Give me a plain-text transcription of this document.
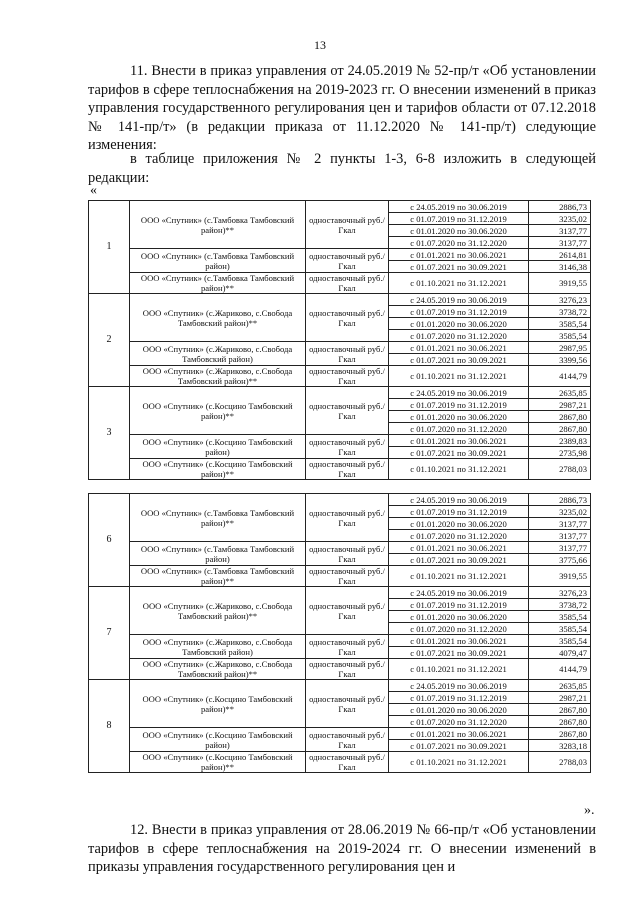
13
11. Внести в приказ управления от 24.05.2019 № 52-пр/т «Об установлении тарифов в сфере теплоснабжения на 2019-2023 гг. О внесении изменений в приказ управления государственного регулирования цен и тарифов области от 07.12.2018 № 141-пр/т» (в редакции приказа от 11.12.2020 № 141-пр/т) следующие изменения:
в таблице приложения № 2 пункты 1-3, 6-8 изложить в следующей редакции:
«
1	ООО «Спутник» (с.Тамбовка Тамбовский район)**	одноставочный руб./Гкал	с 24.05.2019 по 30.06.2019	2886,73
			с 01.07.2019 по 31.12.2019	3235,02
			с 01.01.2020 по 30.06.2020	3137,77
			с 01.07.2020 по 31.12.2020	3137,77
	ООО «Спутник» (с.Тамбовка Тамбовский район)	одноставочный руб./Гкал	с 01.01.2021 по 30.06.2021	2614,81
			с 01.07.2021 по 30.09.2021	3146,38
	ООО «Спутник» (с.Тамбовка Тамбовский район)**	одноставочный руб./Гкал	с 01.10.2021 по 31.12.2021	3919,55
2	ООО «Спутник» (с.Жариково, с.Свобода Тамбовский район)**	одноставочный руб./Гкал	с 24.05.2019 по 30.06.2019	3276,23
			с 01.07.2019 по 31.12.2019	3738,72
			с 01.01.2020 по 30.06.2020	3585,54
			с 01.07.2020 по 31.12.2020	3585,54
	ООО «Спутник» (с.Жариково, с.Свобода Тамбовский район)	одноставочный руб./Гкал	с 01.01.2021 по 30.06.2021	2987,95
			с 01.07.2021 по 30.09.2021	3399,56
	ООО «Спутник» (с.Жариково, с.Свобода Тамбовский район)**	одноставочный руб./Гкал	с 01.10.2021 по 31.12.2021	4144,79
3	ООО «Спутник» (с.Косцино Тамбовский район)**	одноставочный руб./Гкал	с 24.05.2019 по 30.06.2019	2635,85
			с 01.07.2019 по 31.12.2019	2987,21
			с 01.01.2020 по 30.06.2020	2867,80
			с 01.07.2020 по 31.12.2020	2867,80
	ООО «Спутник» (с.Косцино Тамбовский район)	одноставочный руб./Гкал	с 01.01.2021 по 30.06.2021	2389,83
			с 01.07.2021 по 30.09.2021	2735,98
	ООО «Спутник» (с.Косцино Тамбовский район)**	одноставочный руб./Гкал	с 01.10.2021 по 31.12.2021	2788,03
6	ООО «Спутник» (с.Тамбовка Тамбовский район)**	одноставочный руб./Гкал	с 24.05.2019 по 30.06.2019	2886,73
			с 01.07.2019 по 31.12.2019	3235,02
			с 01.01.2020 по 30.06.2020	3137,77
			с 01.07.2020 по 31.12.2020	3137,77
	ООО «Спутник» (с.Тамбовка Тамбовский район)	одноставочный руб./Гкал	с 01.01.2021 по 30.06.2021	3137,77
			с 01.07.2021 по 30.09.2021	3775,66
	ООО «Спутник» (с.Тамбовка Тамбовский район)**	одноставочный руб./Гкал	с 01.10.2021 по 31.12.2021	3919,55
7	ООО «Спутник» (с.Жариково, с.Свобода Тамбовский район)**	одноставочный руб./Гкал	с 24.05.2019 по 30.06.2019	3276,23
			с 01.07.2019 по 31.12.2019	3738,72
			с 01.01.2020 по 30.06.2020	3585,54
			с 01.07.2020 по 31.12.2020	3585,54
	ООО «Спутник» (с.Жариково, с.Свобода Тамбовский район)	одноставочный руб./Гкал	с 01.01.2021 по 30.06.2021	3585,54
			с 01.07.2021 по 30.09.2021	4079,47
	ООО «Спутник» (с.Жариково, с.Свобода Тамбовский район)**	одноставочный руб./Гкал	с 01.10.2021 по 31.12.2021	4144,79
8	ООО «Спутник» (с.Косцино Тамбовский район)**	одноставочный руб./Гкал	с 24.05.2019 по 30.06.2019	2635,85
			с 01.07.2019 по 31.12.2019	2987,21
			с 01.01.2020 по 30.06.2020	2867,80
			с 01.07.2020 по 31.12.2020	2867,80
	ООО «Спутник» (с.Косцино Тамбовский район)	одноставочный руб./Гкал	с 01.01.2021 по 30.06.2021	2867,80
			с 01.07.2021 по 30.09.2021	3283,18
	ООО «Спутник» (с.Косцино Тамбовский район)**	одноставочный руб./Гкал	с 01.10.2021 по 31.12.2021	2788,03
».
12. Внести в приказ управления от 28.06.2019 № 66-пр/т «Об установлении тарифов в сфере теплоснабжения на 2019-2024 гг. О внесении изменений в приказы управления государственного регулирования цен и
